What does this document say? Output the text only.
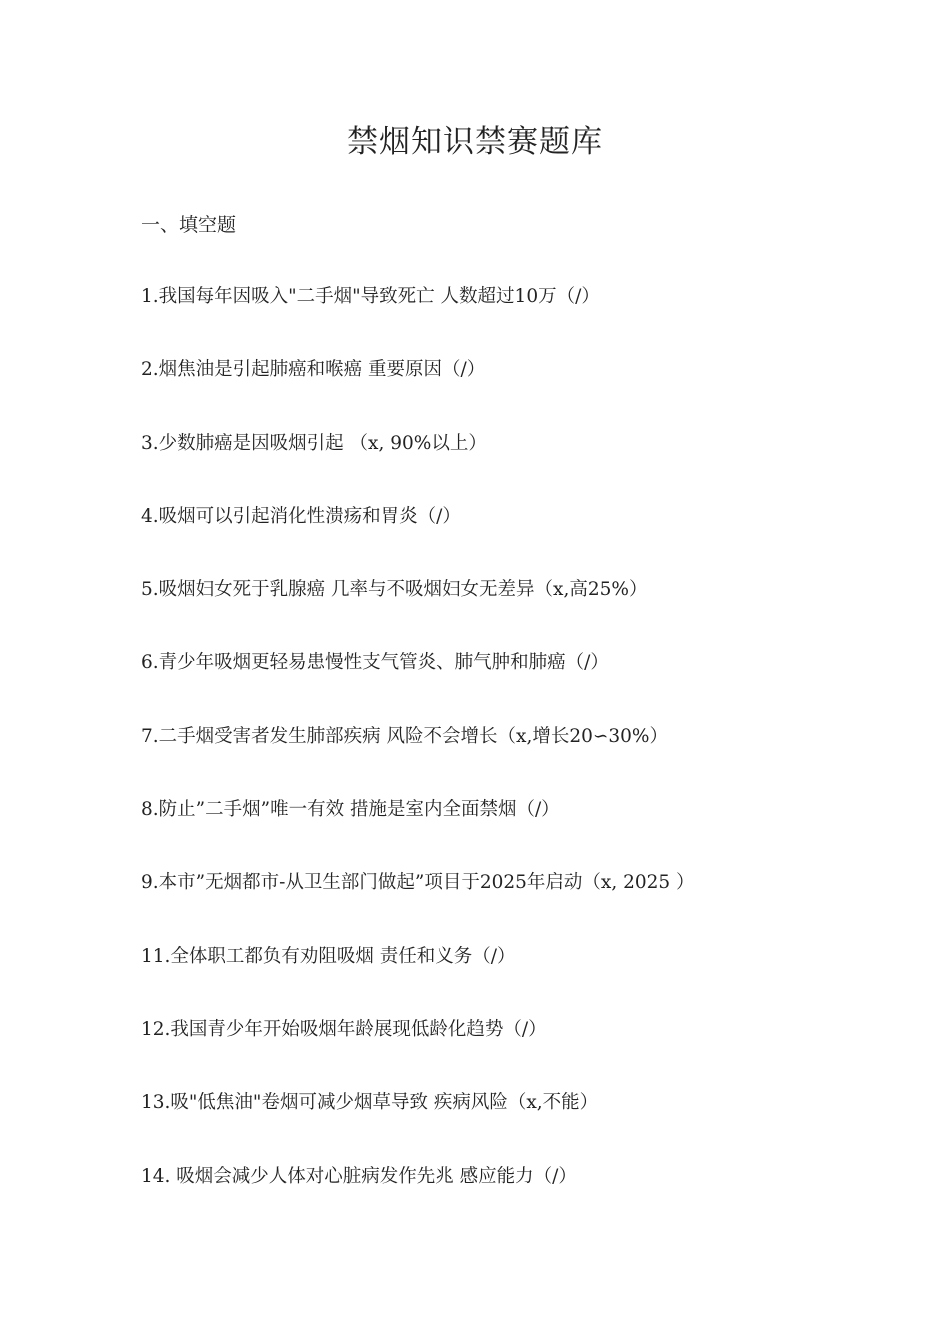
禁烟知识禁赛题库
一、填空题
1.我国每年因吸入"二手烟"导致死亡 人数超过10万（/）
2.烟焦油是引起肺癌和喉癌 重要原因（/）
3.少数肺癌是因吸烟引起 （x, 90%以上）
4.吸烟可以引起消化性溃疡和胃炎（/）
5.吸烟妇女死于乳腺癌 几率与不吸烟妇女无差异（x,高25%）
6.青少年吸烟更轻易患慢性支气管炎、肺气肿和肺癌（/）
7.二手烟受害者发生肺部疾病 风险不会增长（x,增长20∽30%）
8.防止”二手烟”唯一有效 措施是室内全面禁烟（/）
9.本市”无烟都市-从卫生部门做起”项目于2025年启动（x, 2025 ）
11.全体职工都负有劝阻吸烟 责任和义务（/）
12.我国青少年开始吸烟年龄展现低龄化趋势（/）
13.吸"低焦油"卷烟可减少烟草导致 疾病风险（x,不能）
14. 吸烟会减少人体对心脏病发作先兆 感应能力（/）
